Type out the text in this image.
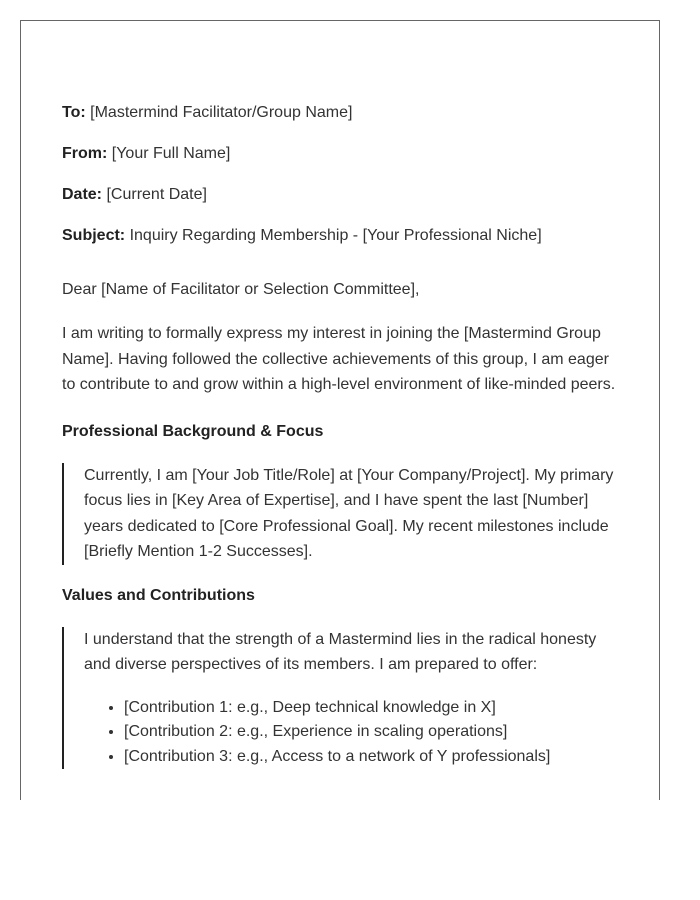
To: [Mastermind Facilitator/Group Name]

From: [Your Full Name]

Date: [Current Date]

Subject: Inquiry Regarding Membership - [Your Professional Niche]

Dear [Name of Facilitator or Selection Committee],

I am writing to formally express my interest in joining the [Mastermind Group Name]. Having followed the collective achievements of this group, I am eager to contribute to and grow within a high-level environment of like-minded peers.

Professional Background & Focus

Currently, I am [Your Job Title/Role] at [Your Company/Project]. My primary focus lies in [Key Area of Expertise], and I have spent the last [Number] years dedicated to [Core Professional Goal]. My recent milestones include [Briefly Mention 1-2 Successes].

Values and Contributions

I understand that the strength of a Mastermind lies in the radical honesty and diverse perspectives of its members. I am prepared to offer:

• [Contribution 1: e.g., Deep technical knowledge in X]
• [Contribution 2: e.g., Experience in scaling operations]
• [Contribution 3: e.g., Access to a network of Y professionals]
